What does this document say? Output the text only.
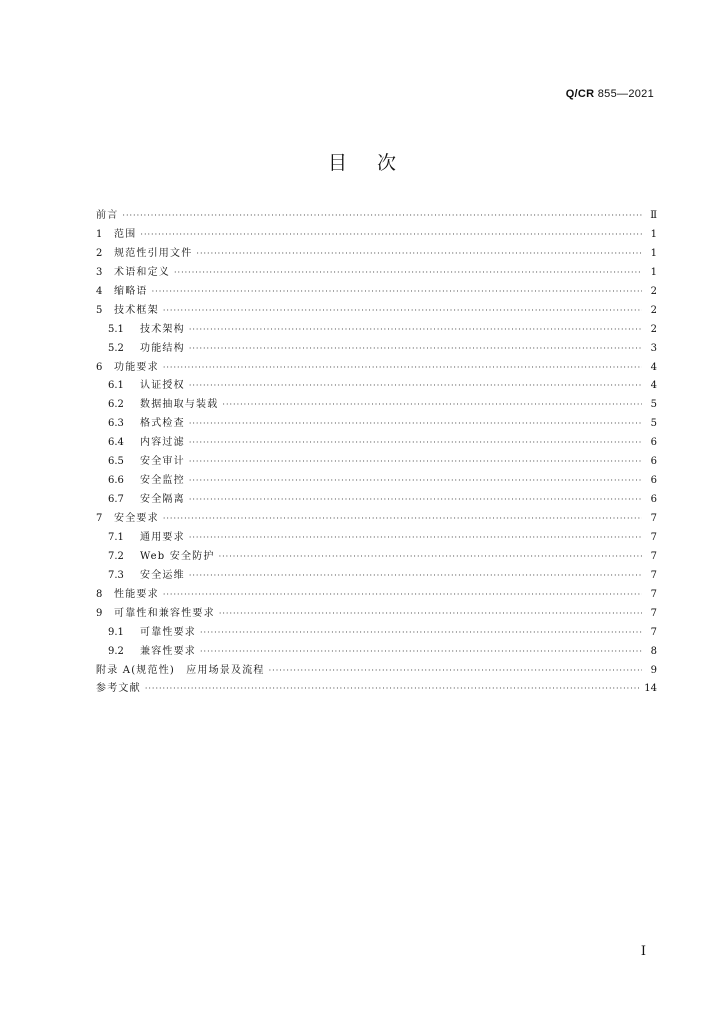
Q/CR 855—2021
目次
前言 ·····	Ⅱ
1	范围 ·····	1
2	规范性引用文件 ·····	1
3	术语和定义 ·····	1
4	缩略语 ·····	2
5	技术框架 ·····	2
5.1	技术架构 ·····	2
5.2	功能结构 ·····	3
6	功能要求 ·····	4
6.1	认证授权 ·····	4
6.2	数据抽取与装载 ·····	5
6.3	格式检查 ·····	5
6.4	内容过滤 ·····	6
6.5	安全审计 ·····	6
6.6	安全监控 ·····	6
6.7	安全隔离 ·····	6
7	安全要求 ·····	7
7.1	通用要求 ·····	7
7.2	Web 安全防护 ·····	7
7.3	安全运维 ·····	7
8	性能要求 ·····	7
9	可靠性和兼容性要求 ·····	7
9.1	可靠性要求 ·····	7
9.2	兼容性要求 ·····	8
附录 A(规范性)　应用场景及流程 ·····	9
参考文献 ·····	14
Ⅰ
